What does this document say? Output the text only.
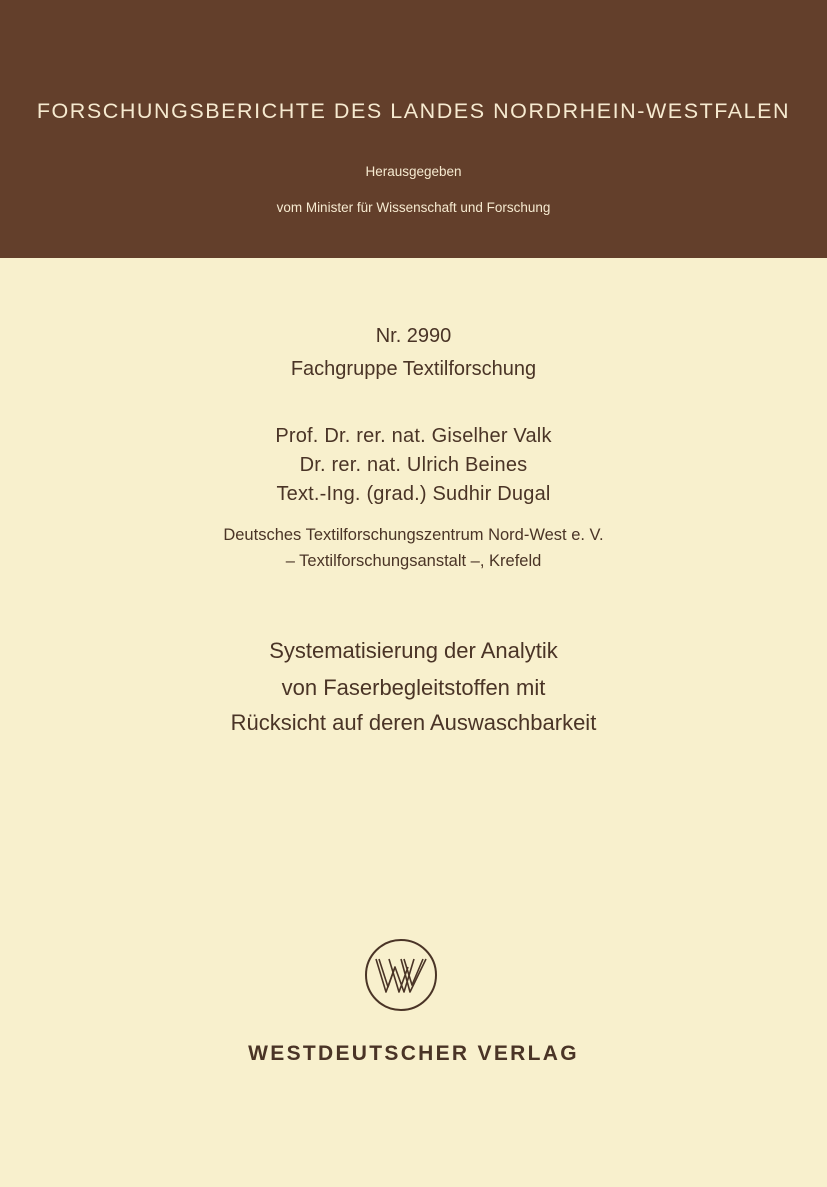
FORSCHUNGSBERICHTE DES LANDES NORDRHEIN-WESTFALEN
Herausgegeben
vom Minister für Wissenschaft und Forschung
Nr. 2990
Fachgruppe Textilforschung
Prof. Dr. rer. nat. Giselher Valk
Dr. rer. nat. Ulrich Beines
Text.-Ing. (grad.) Sudhir Dugal
Deutsches Textilforschungszentrum Nord-West e. V.
– Textilforschungsanstalt –, Krefeld
Systematisierung der Analytik
von Faserbegleitstoffen mit
Rücksicht auf deren Auswaschbarkeit
WESTDEUTSCHER VERLAG
